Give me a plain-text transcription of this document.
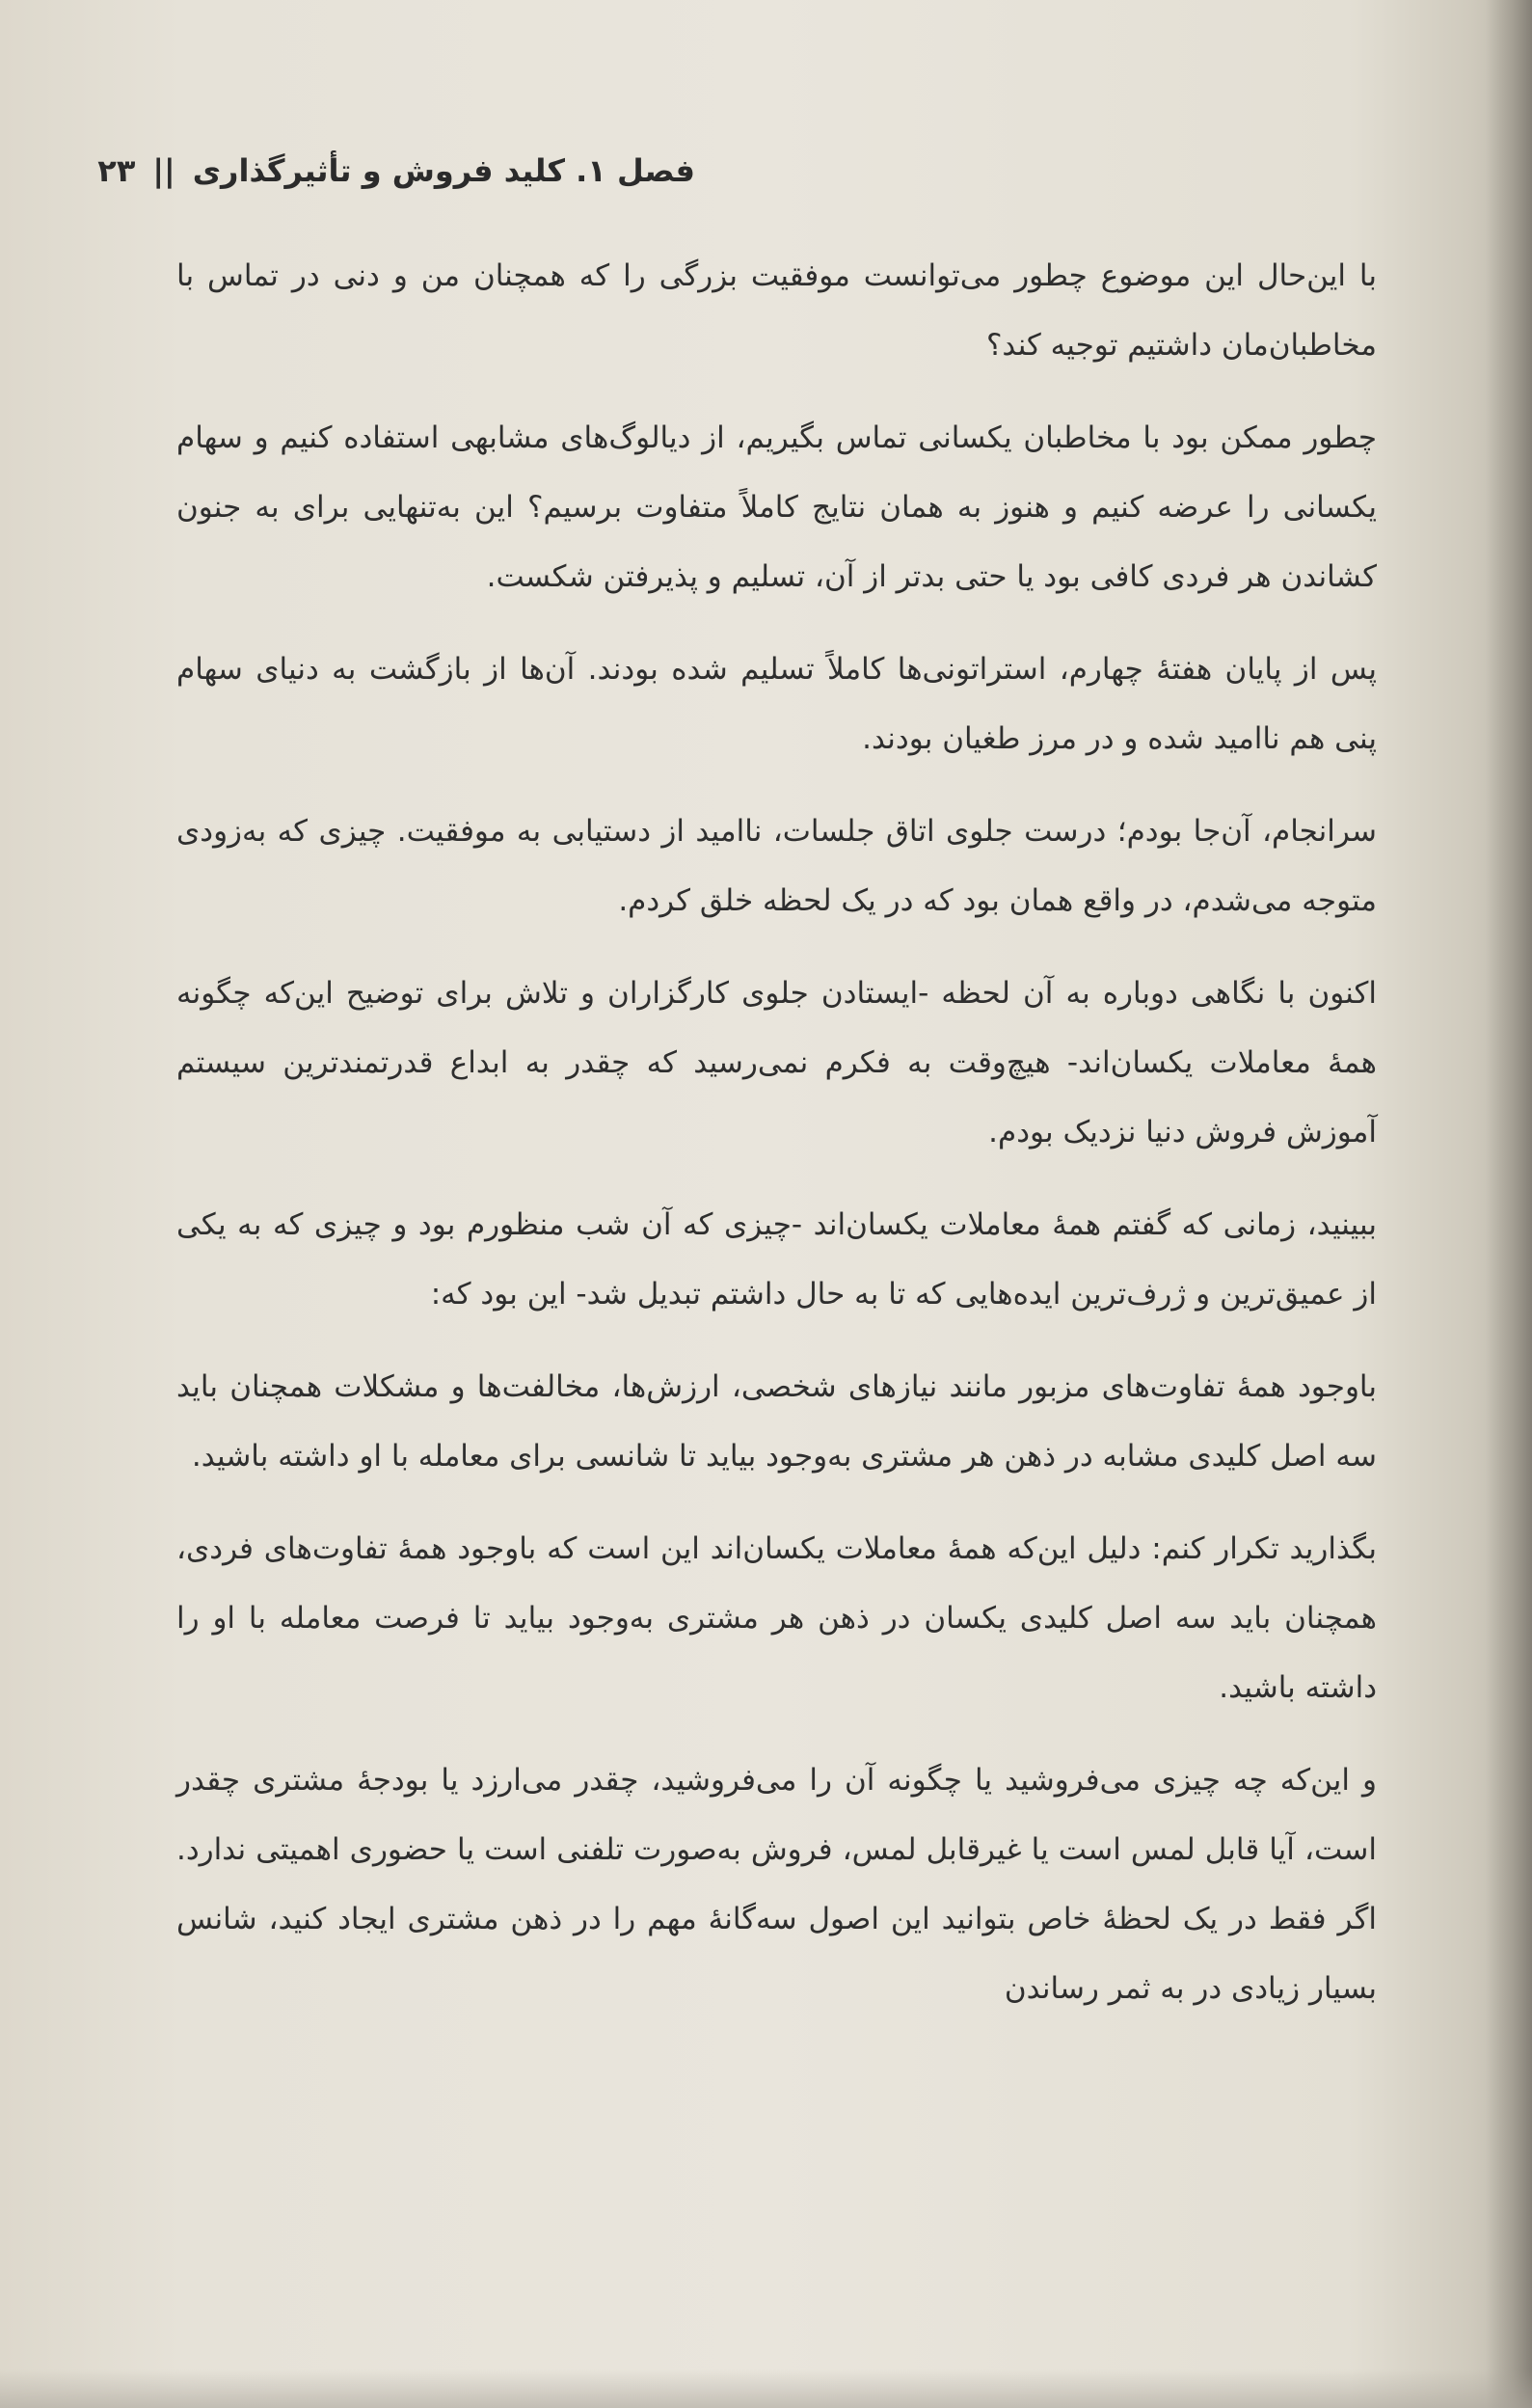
فصل ۱. کلید فروش و تأثیرگذاری||۲۳

با این‌حال این موضوع چطور می‌توانست موفقیت بزرگی را که همچنان من و دنی در تماس با مخاطبان‌مان داشتیم توجیه کند؟

چطور ممکن بود با مخاطبان یکسانی تماس بگیریم، از دیالوگ‌های مشابهی استفاده کنیم و سهام یکسانی را عرضه کنیم و هنوز به همان نتایج کاملاً متفاوت برسیم؟ این به‌تنهایی برای به جنون کشاندن هر فردی کافی بود یا حتی بدتر از آن، تسلیم و پذیرفتن شکست.

پس از پایان هفتهٔ چهارم، استراتونی‌ها کاملاً تسلیم شده بودند. آن‌ها از بازگشت به دنیای سهام پنی هم ناامید شده و در مرز طغیان بودند.

سرانجام، آن‌جا بودم؛ درست جلوی اتاق جلسات، ناامید از دستیابی به موفقیت. چیزی که به‌زودی متوجه می‌شدم، در واقع همان بود که در یک لحظه خلق کردم.

اکنون با نگاهی دوباره به آن لحظه -ایستادن جلوی کارگزاران و تلاش برای توضیح این‌که چگونه همهٔ معاملات یکسان‌اند- هیچ‌وقت به فکرم نمی‌رسید که چقدر به ابداع قدرتمندترین سیستم آموزش فروش دنیا نزدیک بودم.

ببینید، زمانی که گفتم همهٔ معاملات یکسان‌اند -چیزی که آن شب منظورم بود و چیزی که به یکی از عمیق‌ترین و ژرف‌ترین ایده‌هایی که تا به حال داشتم تبدیل شد- این بود که:

باوجود همهٔ تفاوت‌های مزبور مانند نیازهای شخصی، ارزش‌ها، مخالفت‌ها و مشکلات همچنان باید سه اصل کلیدی مشابه در ذهن هر مشتری به‌وجود بیاید تا شانسی برای معامله با او داشته باشید.

بگذارید تکرار کنم: دلیل این‌که همهٔ معاملات یکسان‌اند این است که باوجود همهٔ تفاوت‌های فردی، همچنان باید سه اصل کلیدی یکسان در ذهن هر مشتری به‌وجود بیاید تا فرصت معامله با او را داشته باشید.

و این‌که چه چیزی می‌فروشید یا چگونه آن را می‌فروشید، چقدر می‌ارزد یا بودجهٔ مشتری چقدر است، آیا قابل لمس است یا غیرقابل لمس، فروش به‌صورت تلفنی است یا حضوری اهمیتی ندارد. اگر فقط در یک لحظهٔ خاص بتوانید این اصول سه‌گانهٔ مهم را در ذهن مشتری ایجاد کنید، شانس بسیار زیادی در به ثمر رساندن
